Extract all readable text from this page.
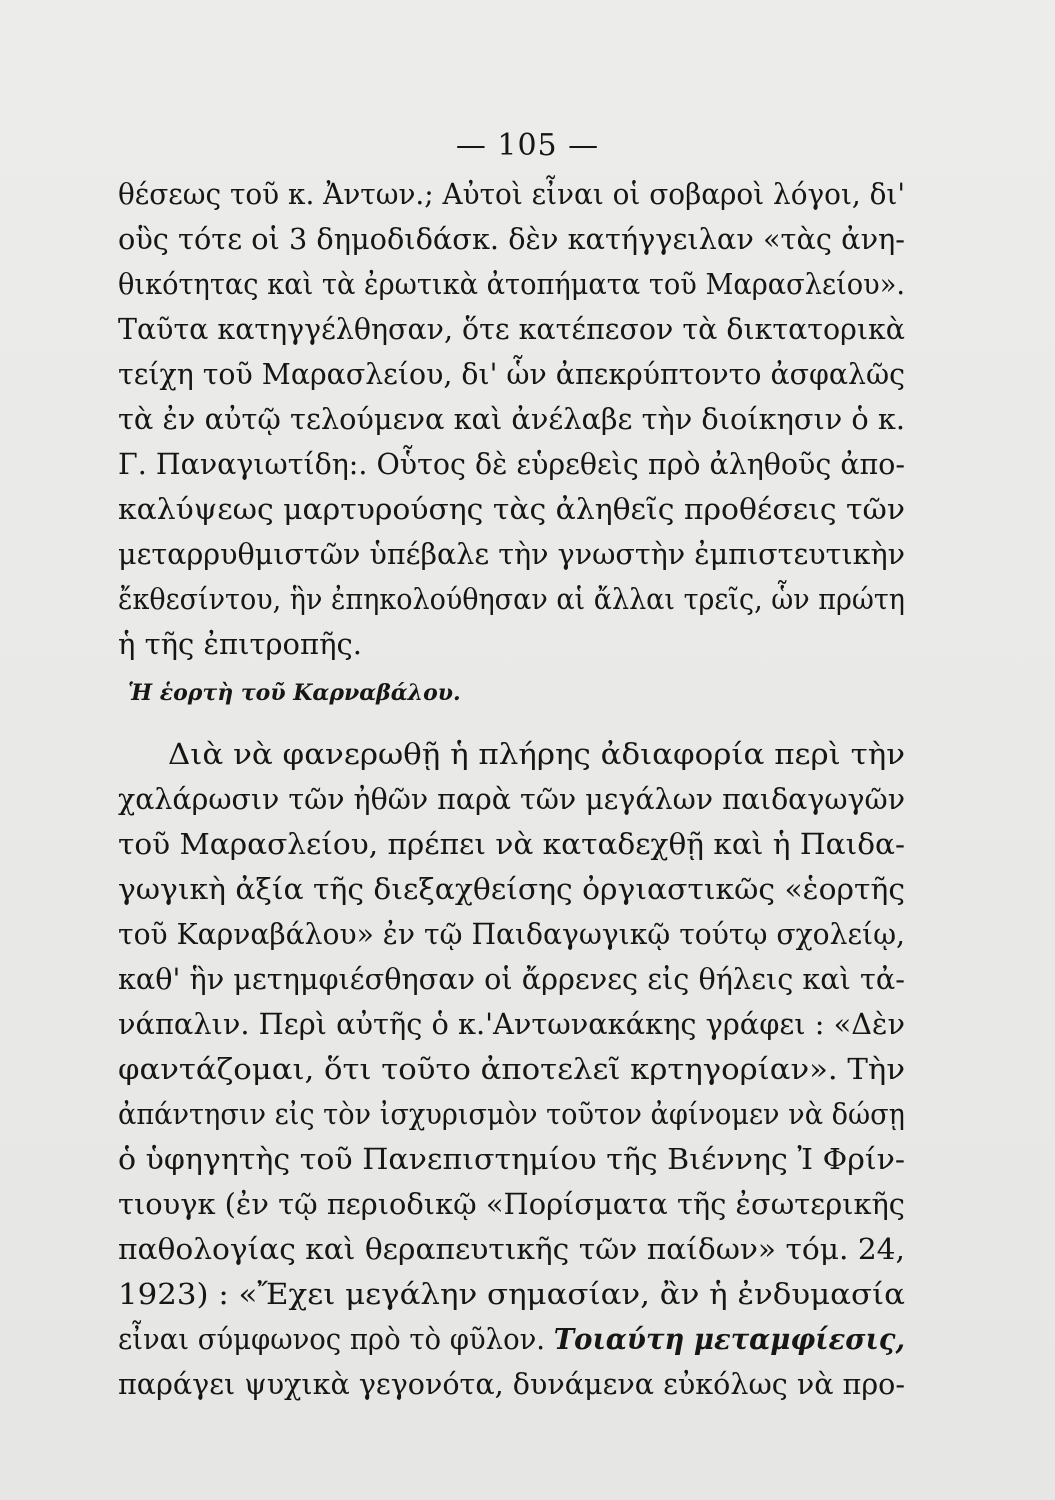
— 105 —
θέσεως τοῦ κ. Ἀντων.; Αὐτοὶ εἶναι οἱ σοβαροὶ λόγοι, δι'
οὓς τότε οἱ 3 δημοδιδάσκ. δὲν κατήγγειλαν «τὰς ἀνη-
θικότητας καὶ τὰ ἐρωτικὰ ἀτοπήματα τοῦ Μαρασλείου».
Ταῦτα κατηγγέλθησαν, ὅτε κατέπεσον τὰ δικτατορικὰ
τείχη τοῦ Μαρασλείου, δι' ὧν ἀπεκρύπτοντο ἀσφαλῶς
τὰ ἐν αὐτῷ τελούμενα καὶ ἀνέλαβε τὴν διοίκησιν ὁ κ.
Γ. Παναγιωτίδη:. Οὗτος δὲ εὑρεθεὶς πρὸ ἀληθοῦς ἀπο-
καλύψεως μαρτυρούσης τὰς ἀληθεῖς προθέσεις τῶν
μεταρρυθμιστῶν ὑπέβαλε τὴν γνωστὴν ἐμπιστευτικὴν
ἔκθεσίντου, ἣν ἐπηκολούθησαν αἱ ἄλλαι τρεῖς, ὧν πρώτη
ἡ τῆς ἐπιτροπῆς.
Ἡ ἑορτὴ τοῦ Καρναβάλου.
Διὰ νὰ φανερωθῇ ἡ πλήρης ἀδιαφορία περὶ τὴν
χαλάρωσιν τῶν ἠθῶν παρὰ τῶν μεγάλων παιδαγωγῶν
τοῦ Μαρασλείου, πρέπει νὰ καταδεχθῇ καὶ ἡ Παιδα-
γωγικὴ ἀξία τῆς διεξαχθείσης ὀργιαστικῶς «ἑορτῆς
τοῦ Καρναβάλου» ἐν τῷ Παιδαγωγικῷ τούτῳ σχολείῳ,
καθ' ἣν μετημφιέσθησαν οἱ ἄρρενες εἰς θήλεις καὶ τἀ-
νάπαλιν. Περὶ αὐτῆς ὁ κ.'Αντωνακάκης γράφει : «Δὲν
φαντάζομαι, ὅτι τοῦτο ἀποτελεῖ κρτηγορίαν». Τὴν
ἀπάντησιν εἰς τὸν ἰσχυρισμὸν τοῦτον ἀφίνομεν νὰ δώσῃ
ὁ ὑφηγητὴς τοῦ Πανεπιστημίου τῆς Βιέννης Ἰ Φρίν-
τιουγκ (ἐν τῷ περιοδικῷ «Πορίσματα τῆς ἐσωτερικῆς
παθολογίας καὶ θεραπευτικῆς τῶν παίδων» τόμ. 24,
1923) : «Ἔχει μεγάλην σημασίαν, ἂν ἡ ἐνδυμασία
εἶναι σύμφωνος πρὸ τὸ φῦλον. Τοιαύτη μεταμφίεσις,
παράγει ψυχικὰ γεγονότα, δυνάμενα εὐκόλως νὰ προ-
